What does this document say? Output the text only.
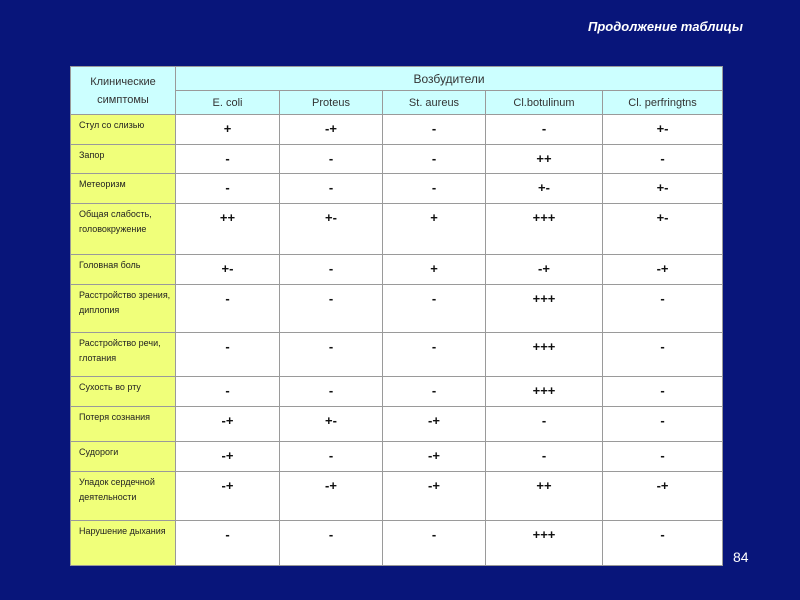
Продолжение таблицы
Клинические симптомы	Возбудители				
	E. coli	Proteus	St. aureus	Cl.botulinum	Cl. perfringtns
Стул со слизью	+	-+	-	-	+-
Запор	-	-	-	++	-
Метеоризм	-	-	-	+-	+-
Общая слабость, головокружение	++	+-	+	+++	+-
Головная боль	+-	-	+	-+	-+
Расстройство зрения, диплопия	-	-	-	+++	-
Расстройство речи, глотания	-	-	-	+++	-
Сухость во рту	-	-	-	+++	-
Потеря сознания	-+	+-	-+	-	-
Судороги	-+	-	-+	-	-
Упадок сердечной деятельности	-+	-+	-+	++	-+
Нарушение дыхания	-	-	-	+++	-
84
